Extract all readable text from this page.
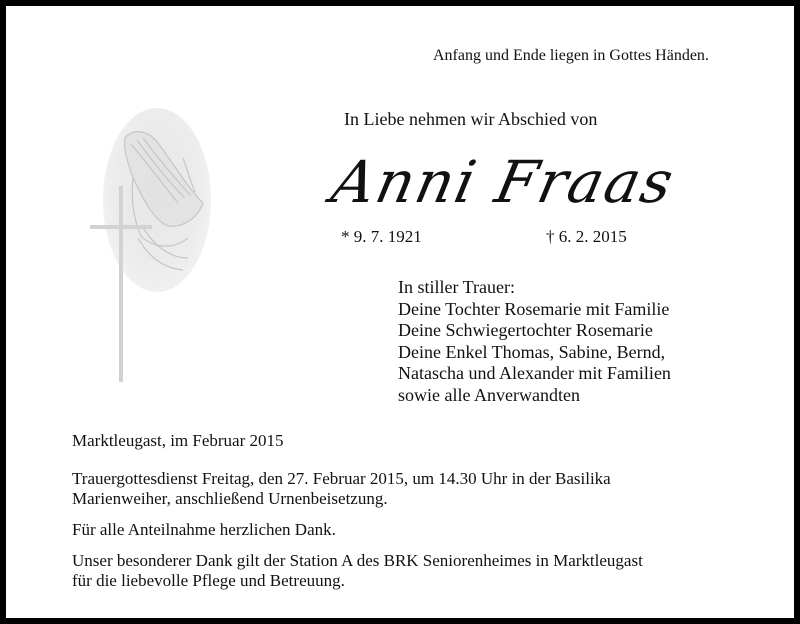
Anfang und Ende liegen in Gottes Händen.
In Liebe nehmen wir Abschied von
Anni Fraas
* 9. 7. 1921	† 6. 2. 2015
In stiller Trauer:
Deine Tochter Rosemarie mit Familie
Deine Schwiegertochter Rosemarie
Deine Enkel Thomas, Sabine, Bernd,
Natascha und Alexander mit Familien
sowie alle Anverwandten
Marktleugast, im Februar 2015
Trauergottesdienst Freitag, den 27. Februar 2015, um 14.30 Uhr in der Basilika
Marienweiher, anschließend Urnenbeisetzung.
Für alle Anteilnahme herzlichen Dank.
Unser besonderer Dank gilt der Station A des BRK Seniorenheimes in Marktleugast
für die liebevolle Pflege und Betreuung.
